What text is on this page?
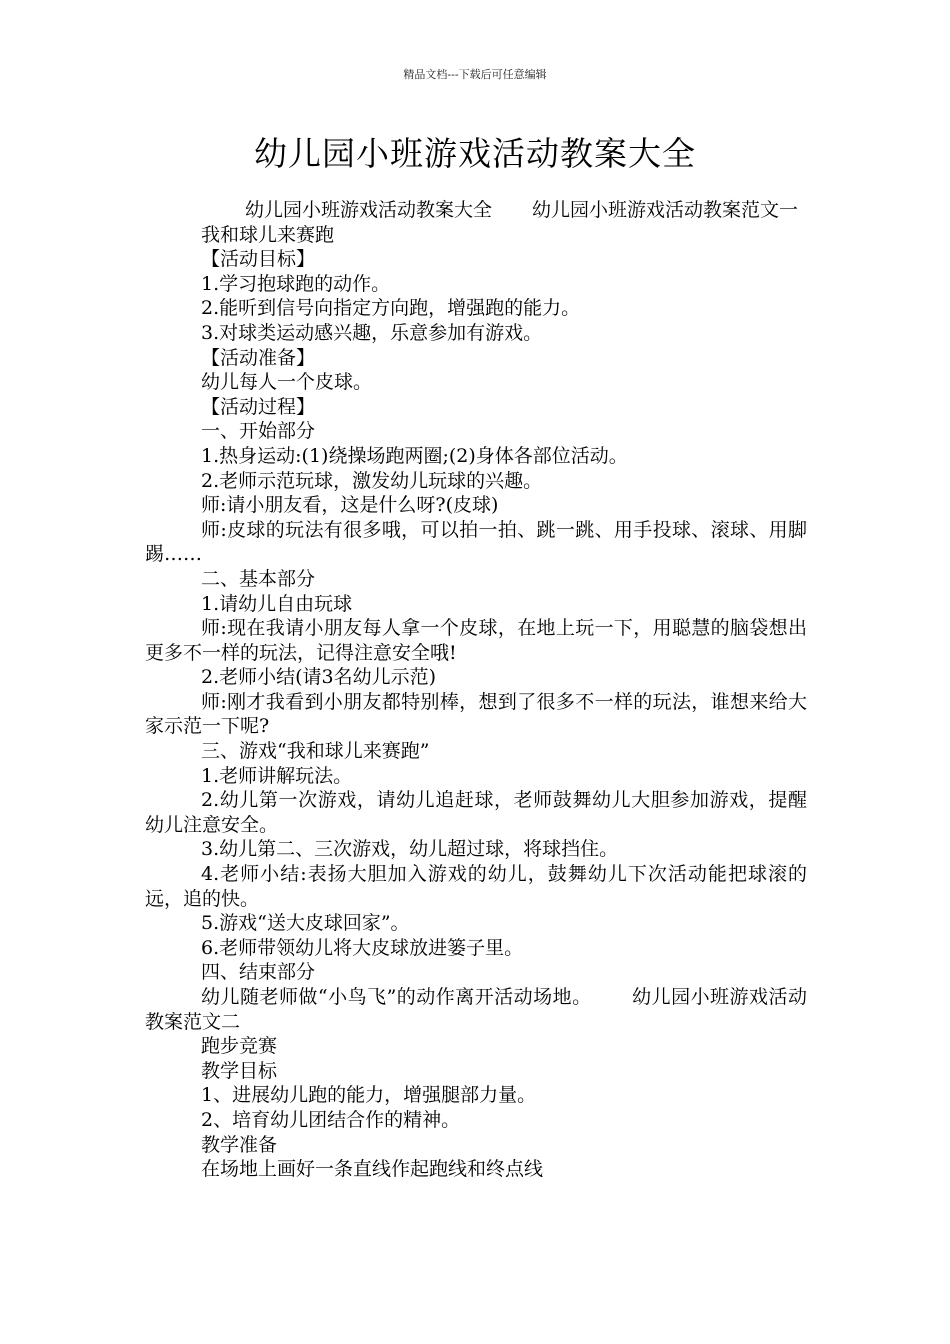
精品文档---下载后可任意编辑
幼儿园小班游戏活动教案大全

幼儿园小班游戏活动教案大全 幼儿园小班游戏活动教案范文一

我和球儿来赛跑

【活动目标】

1.学习抱球跑的动作。

2.能听到信号向指定方向跑，增强跑的能力。

3.对球类运动感兴趣，乐意参加有游戏。

【活动准备】

幼儿每人一个皮球。

【活动过程】

一、开始部分

1.热身运动:(1)绕操场跑两圈;(2)身体各部位活动。

2.老师示范玩球，激发幼儿玩球的兴趣。

师:请小朋友看，这是什么呀?(皮球)

师:皮球的玩法有很多哦，可以拍一拍、跳一跳、用手投球、滚球、用脚踢……

二、基本部分

1.请幼儿自由玩球

师:现在我请小朋友每人拿一个皮球，在地上玩一下，用聪慧的脑袋想出更多不一样的玩法，记得注意安全哦!

2.老师小结(请3名幼儿示范)

师:刚才我看到小朋友都特别棒，想到了很多不一样的玩法，谁想来给大家示范一下呢?

三、游戏“我和球儿来赛跑”

1.老师讲解玩法。

2.幼儿第一次游戏，请幼儿追赶球，老师鼓舞幼儿大胆参加游戏，提醒幼儿注意安全。

3.幼儿第二、三次游戏，幼儿超过球，将球挡住。

4.老师小结:表扬大胆加入游戏的幼儿，鼓舞幼儿下次活动能把球滚的远，追的快。

5.游戏“送大皮球回家”。

6.老师带领幼儿将大皮球放进篓子里。

四、结束部分

幼儿随老师做“小鸟飞”的动作离开活动场地。 幼儿园小班游戏活动教案范文二

跑步竞赛

教学目标

1、进展幼儿跑的能力，增强腿部力量。

2、培育幼儿团结合作的精神。

教学准备

在场地上画好一条直线作起跑线和终点线
